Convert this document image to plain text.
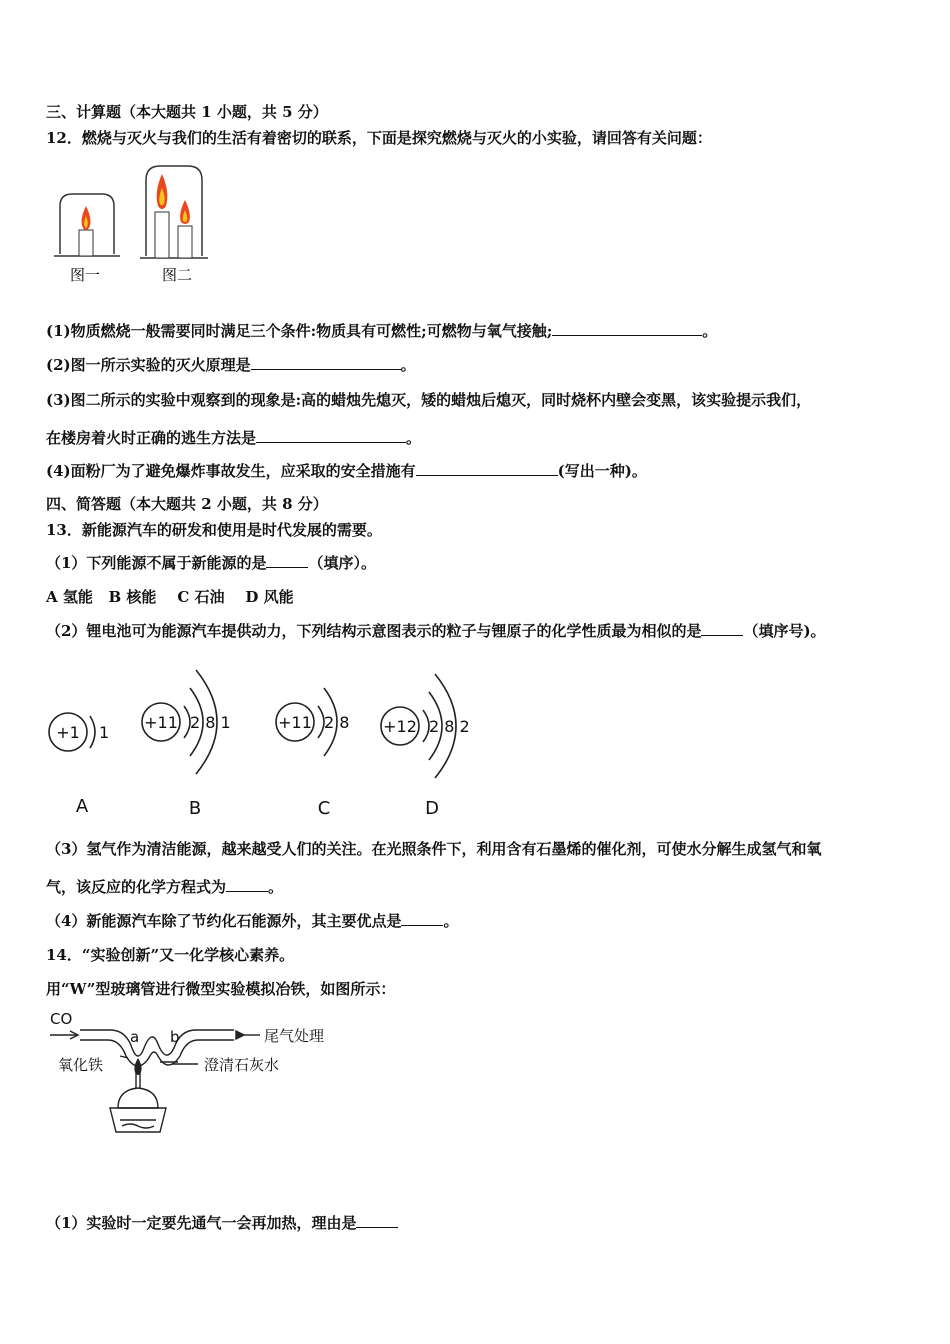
三、计算题（本大题共 1 小题，共 5 分）
12．燃烧与灭火与我们的生活有着密切的联系，下面是探究燃烧与灭火的小实验，请回答有关问题：
图一	图二
(1)物质燃烧一般需要同时满足三个条件:物质具有可燃性;可燃物与氧气接触;	。
(2)图一所示实验的灭火原理是	。
(3)图二所示的实验中观察到的现象是:高的蜡烛先熄灭，矮的蜡烛后熄灭，同时烧杯内壁会变黑，该实验提示我们，
在楼房着火时正确的逃生方法是	。
(4)面粉厂为了避免爆炸事故发生，应采取的安全措施有	(写出一种)。
四、简答题（本大题共 2 小题，共 8 分）
13．新能源汽车的研发和使用是时代发展的需要。
（1）下列能源不属于新能源的是	（填序）。
A 氢能   B 核能    C 石油    D 风能
（2）锂电池可为能源汽车提供动力，下列结构示意图表示的粒子与锂原子的化学性质最为相似的是	（填序号)。
+1 1
+11 2 8 1	+11 2 8 +12 2 8 2
A	B	C	D
（3）氢气作为清洁能源，越来越受人们的关注。在光照条件下，利用含有石墨烯的催化剂，可使水分解生成氢气和氧
气，该反应的化学方程式为	。
（4）新能源汽车除了节约化石能源外，其主要优点是	。
14．“实验创新”又一化学核心素养。
用“W”型玻璃管进行微型实验模拟冶铁，如图所示：
CO
a b	尾气处理
氧化铁	澄清石灰水
（1）实验时一定要先通气一会再加热，理由是
